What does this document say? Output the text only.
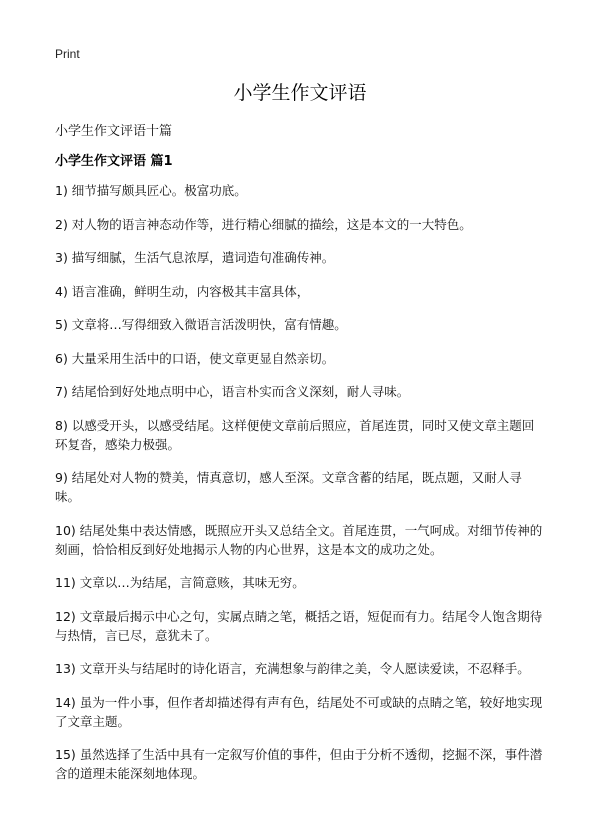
Print
小学生作文评语
小学生作文评语十篇
小学生作文评语 篇1
1) 细节描写颇具匠心。极富功底。
2) 对人物的语言神态动作等，进行精心细腻的描绘，这是本文的一大特色。
3) 描写细腻，生活气息浓厚，遣词造句准确传神。
4) 语言准确，鲜明生动，内容极其丰富具体，
5) 文章将…写得细致入微语言活泼明快，富有情趣。
6) 大量采用生活中的口语，使文章更显自然亲切。
7) 结尾恰到好处地点明中心，语言朴实而含义深刻，耐人寻味。
8) 以感受开头，以感受结尾。这样便使文章前后照应，首尾连贯，同时又使文章主题回环复沓，感染力极强。
9) 结尾处对人物的赞美，情真意切，感人至深。文章含蓄的结尾，既点题，又耐人寻味。
10) 结尾处集中表达情感，既照应开头又总结全文。首尾连贯，一气呵成。对细节传神的刻画，恰恰相反到好处地揭示人物的内心世界，这是本文的成功之处。
11) 文章以…为结尾，言简意赅，其味无穷。
12) 文章最后揭示中心之句，实属点睛之笔，概括之语，短促而有力。结尾令人饱含期待与热情，言已尽，意犹未了。
13) 文章开头与结尾时的诗化语言，充满想象与韵律之美，令人愿读爱读，不忍释手。
14) 虽为一件小事，但作者却描述得有声有色，结尾处不可或缺的点睛之笔，较好地实现了文章主题。
15) 虽然选择了生活中具有一定叙写价值的事件，但由于分析不透彻，挖掘不深，事件潜含的道理未能深刻地体现。
